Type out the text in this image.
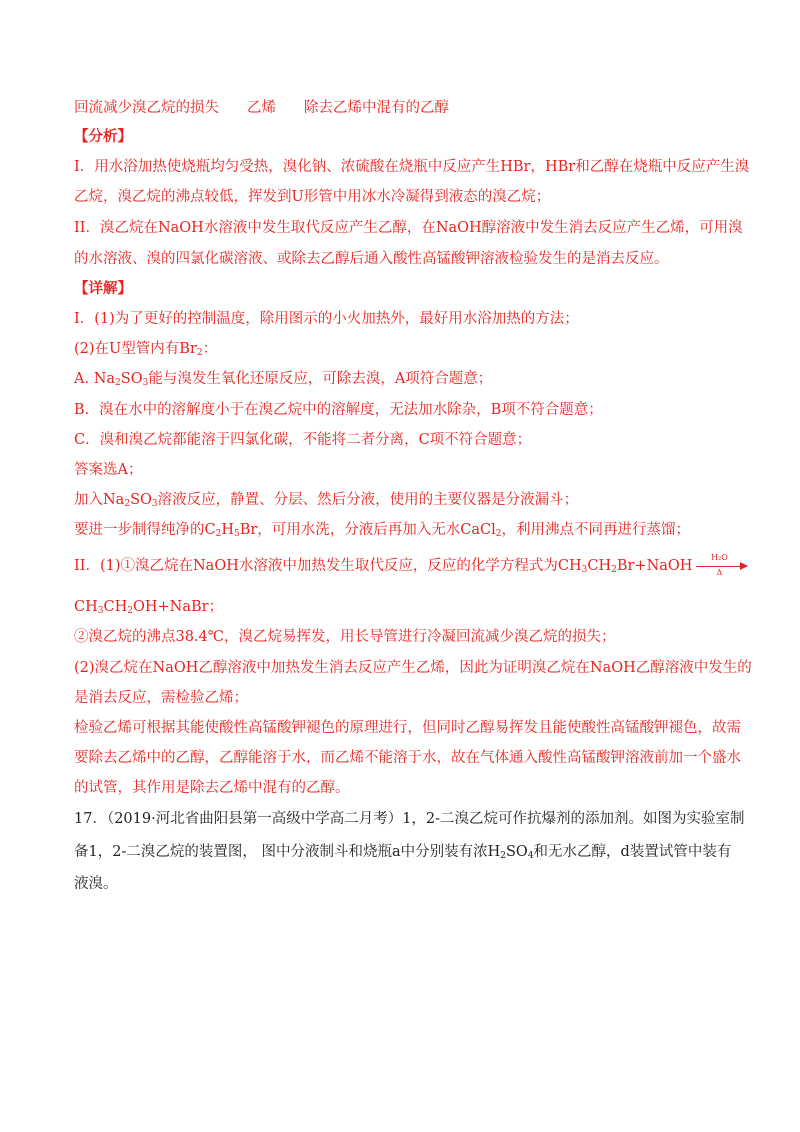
回流减少溴乙烷的损失 乙烯 除去乙烯中混有的乙醇
【分析】
I．用水浴加热使烧瓶均匀受热，溴化钠、浓硫酸在烧瓶中反应产生HBr，HBr和乙醇在烧瓶中反应产生溴
乙烷，溴乙烷的沸点较低，挥发到U形管中用冰水冷凝得到液态的溴乙烷；
II．溴乙烷在NaOH水溶液中发生取代反应产生乙醇，在NaOH醇溶液中发生消去反应产生乙烯，可用溴
的水溶液、溴的四氯化碳溶液、或除去乙醇后通入酸性高锰酸钾溶液检验发生的是消去反应。
【详解】
I．(1)为了更好的控制温度，除用图示的小火加热外，最好用水浴加热的方法；
(2)在U型管内有$Br_2$：
A. $Na_2SO_3$能与溴发生氧化还原反应，可除去溴，A项符合题意；
B．溴在水中的溶解度小于在溴乙烷中的溶解度，无法加水除杂，B项不符合题意；
C．溴和溴乙烷都能溶于四氯化碳，不能将二者分离，C项不符合题意；
答案选A；
加入$Na_2SO_3$溶液反应，静置、分层、然后分液，使用的主要仪器是分液漏斗；
要进一步制得纯净的$C_2H_5Br$，可用水洗，分液后再加入无水CaCl$_2$，利用沸点不同再进行蒸馏；
II．(1)①溴乙烷在NaOH水溶液中加热发生取代反应，反应的化学方程式为$CH_3CH_2Br+NaOH \frac{\text{H₂O}}{\Delta}$
$CH_3CH_2OH+NaBr$；
②溴乙烷的沸点38.4℃，溴乙烷易挥发，用长导管进行冷凝回流减少溴乙烷的损失；
(2)溴乙烷在NaOH乙醇溶液中加热发生消去反应产生乙烯，因此为证明溴乙烷在NaOH乙醇溶液中发生的
是消去反应，需检验乙烯；
检验乙烯可根据其能使酸性高锰酸钾褪色的原理进行，但同时乙醇易挥发且能使酸性高锰酸钾褪色，故需
要除去乙烯中的乙醇，乙醇能溶于水，而乙烯不能溶于水，故在气体通入酸性高锰酸钾溶液前加一个盛水
的试管，其作用是除去乙烯中混有的乙醇。
17．（2019·河北省曲阳县第一高级中学高二月考）1，2-二溴乙烷可作抗爆剂的添加剂。如图为实验室制
备1，2-二溴乙烷的装置图， 图中分液制斗和烧瓶a中分别装有浓$H_2SO_4$和无水乙醇，d装置试管中装有
液溴。
